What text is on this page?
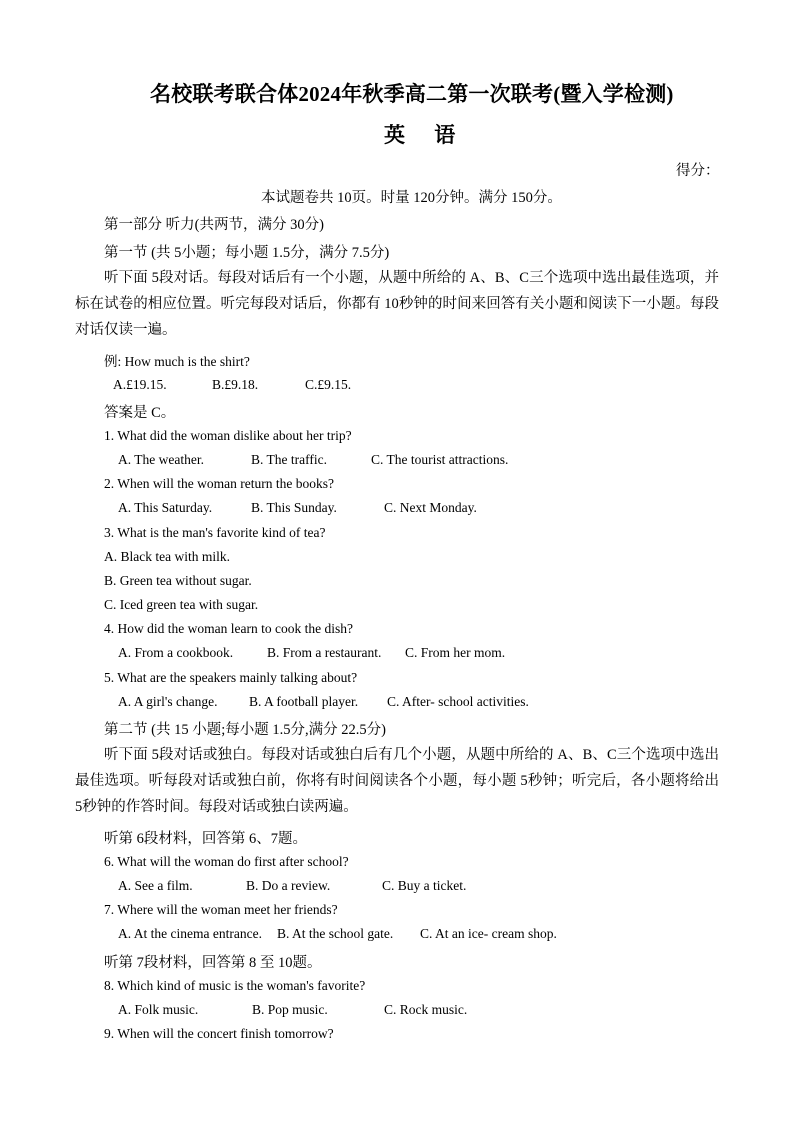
名校联考联合体2024年秋季高二第一次联考(暨入学检测)
英 语
得分：
本试题卷共 10页。时量 120分钟。满分 150分。
第一部分 听力(共两节，满分 30分)
第一节 (共 5小题；每小题 1.5分，满分 7.5分)
听下面 5段对话。每段对话后有一个小题，从题中所给的 A、B、C三个选项中选出最佳选项，并标在试卷的相应位置。听完每段对话后，你都有 10秒钟的时间来回答有关小题和阅读下一小题。每段对话仅读一遍。
例: How much is the shirt?
A.£19.15.	B.£9.18.	C.£9.15.
答案是 C。
1. What did the woman dislike about her trip?
A. The weather.	B. The traffic.	C. The tourist attractions.
2. When will the woman return the books?
A. This Saturday.	B. This Sunday.	C. Next Monday.
3. What is the man's favorite kind of tea?
A. Black tea with milk.
B. Green tea without sugar.
C. Iced green tea with sugar.
4. How did the woman learn to cook the dish?
A. From a cookbook.	B. From a restaurant. C. From her mom.
5. What are the speakers mainly talking about?
A. A girl's change. B. A football player. C. After- school activities.
第二节 (共 15 小题;每小题 1.5分,满分 22.5分)
听下面 5段对话或独白。每段对话或独白后有几个小题，从题中所给的 A、B、C三个选项中选出最佳选项。听每段对话或独白前，你将有时间阅读各个小题，每小题 5秒钟；听完后，各小题将给出 5秒钟的作答时间。每段对话或独白读两遍。
听第 6段材料，回答第 6、7题。
6. What will the woman do first after school?
A. See a film.	B. Do a review.	C. Buy a ticket.
7. Where will the woman meet her friends?
A. At the cinema entrance. B. At the school gate. C. At an ice- cream shop.
听第 7段材料，回答第 8 至 10题。
8. Which kind of music is the woman's favorite?
A. Folk music.	B. Pop music.	C. Rock music.
9. When will the concert finish tomorrow?
